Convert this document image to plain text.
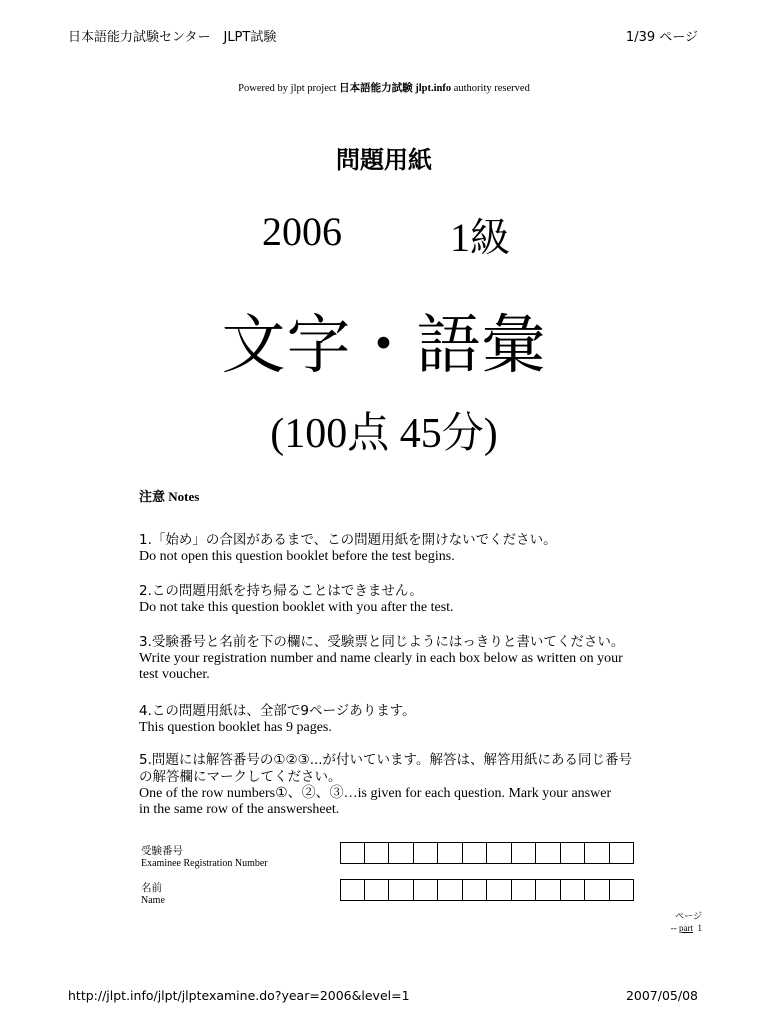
日本語能力試験センター　JLPT試験	1/39 ページ
Powered by jlpt project 日本語能力試験 jlpt.info authority reserved
問題用紙
2006	1級
文字・語彙
(100点 45分)
注意 Notes
1.「始め」の合図があるまで、この問題用紙を開けないでください。
Do not open this question booklet before the test begins.
2.この問題用紙を持ち帰ることはできません。
Do not take this question booklet with you after the test.
3.受験番号と名前を下の欄に、受験票と同じようにはっきりと書いてください。
Write your registration number and name clearly in each box below as written on your test voucher.
4.この問題用紙は、全部で9ページあります。
This question booklet has 9 pages.
5.問題には解答番号の①②③...が付いています。解答は、解答用紙にある同じ番号の解答欄にマークしてください。
One of the row numbers①、②、③…is given for each question. Mark your answer in the same row of the answersheet.
受験番号
Examinee Registration Number
名前
Name
ページ
-- part 1
http://jlpt.info/jlpt/jlptexamine.do?year=2006&level=1	2007/05/08
